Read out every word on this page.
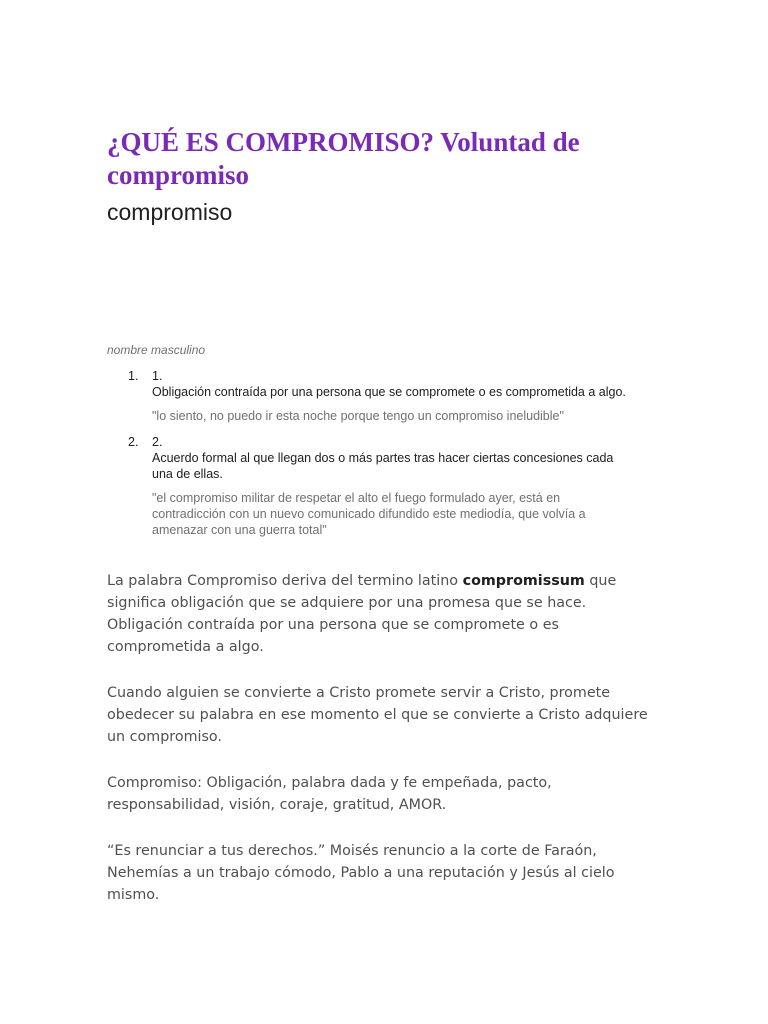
¿QUÉ ES COMPROMISO? Voluntad de compromiso
compromiso
nombre masculino
1. 1.
Obligación contraída por una persona que se compromete o es comprometida a algo.
"lo siento, no puedo ir esta noche porque tengo un compromiso ineludible"
2. 2.
Acuerdo formal al que llegan dos o más partes tras hacer ciertas concesiones cada una de ellas.
"el compromiso militar de respetar el alto el fuego formulado ayer, está en contradicción con un nuevo comunicado difundido este mediodía, que volvía a amenazar con una guerra total"

La palabra Compromiso deriva del termino latino compromissum que significa obligación que se adquiere por una promesa que se hace.
Obligación contraída por una persona que se compromete o es comprometida a algo.

Cuando alguien se convierte a Cristo promete servir a Cristo, promete obedecer su palabra en ese momento el que se convierte a Cristo adquiere un compromiso.

Compromiso: Obligación, palabra dada y fe empeñada, pacto, responsabilidad, visión, coraje, gratitud, AMOR.

“Es renunciar a tus derechos.” Moisés renuncio a la corte de Faraón, Nehemías a un trabajo cómodo, Pablo a una reputación y Jesús al cielo mismo.
